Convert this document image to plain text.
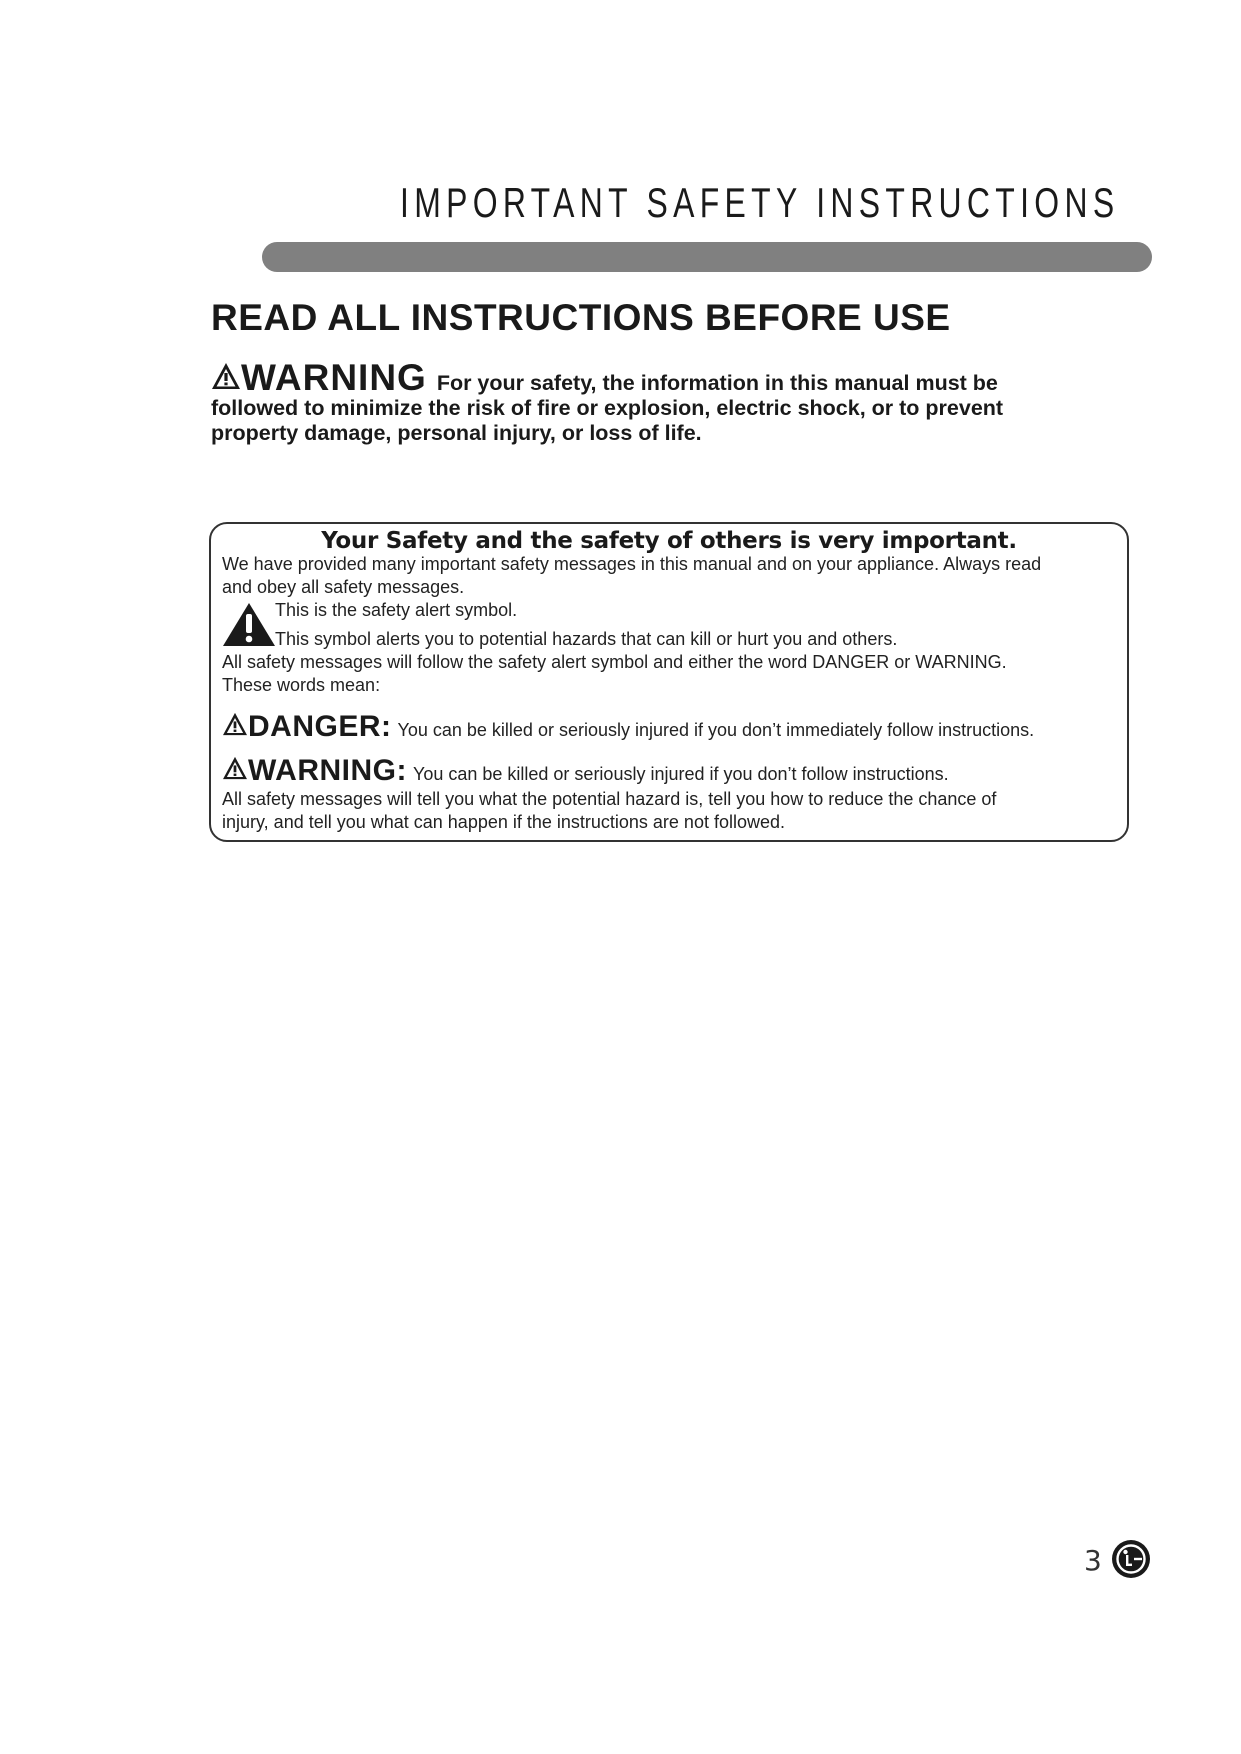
IMPORTANT SAFETY INSTRUCTIONS
READ ALL INSTRUCTIONS BEFORE USE
WARNING For your safety, the information in this manual must be followed to minimize the risk of fire or explosion, electric shock, or to prevent property damage, personal injury, or loss of life.
Your Safety and the safety of others is very important.
We have provided many important safety messages in this manual and on your appliance. Always read
and obey all safety messages.
This is the safety alert symbol.
This symbol alerts you to potential hazards that can kill or hurt you and others.
All safety messages will follow the safety alert symbol and either the word DANGER or WARNING.
These words mean:
DANGER: You can be killed or seriously injured if you don’t immediately follow instructions.
WARNING: You can be killed or seriously injured if you don’t follow instructions.
All safety messages will tell you what the potential hazard is, tell you how to reduce the chance of
injury, and tell you what can happen if the instructions are not followed.
3
